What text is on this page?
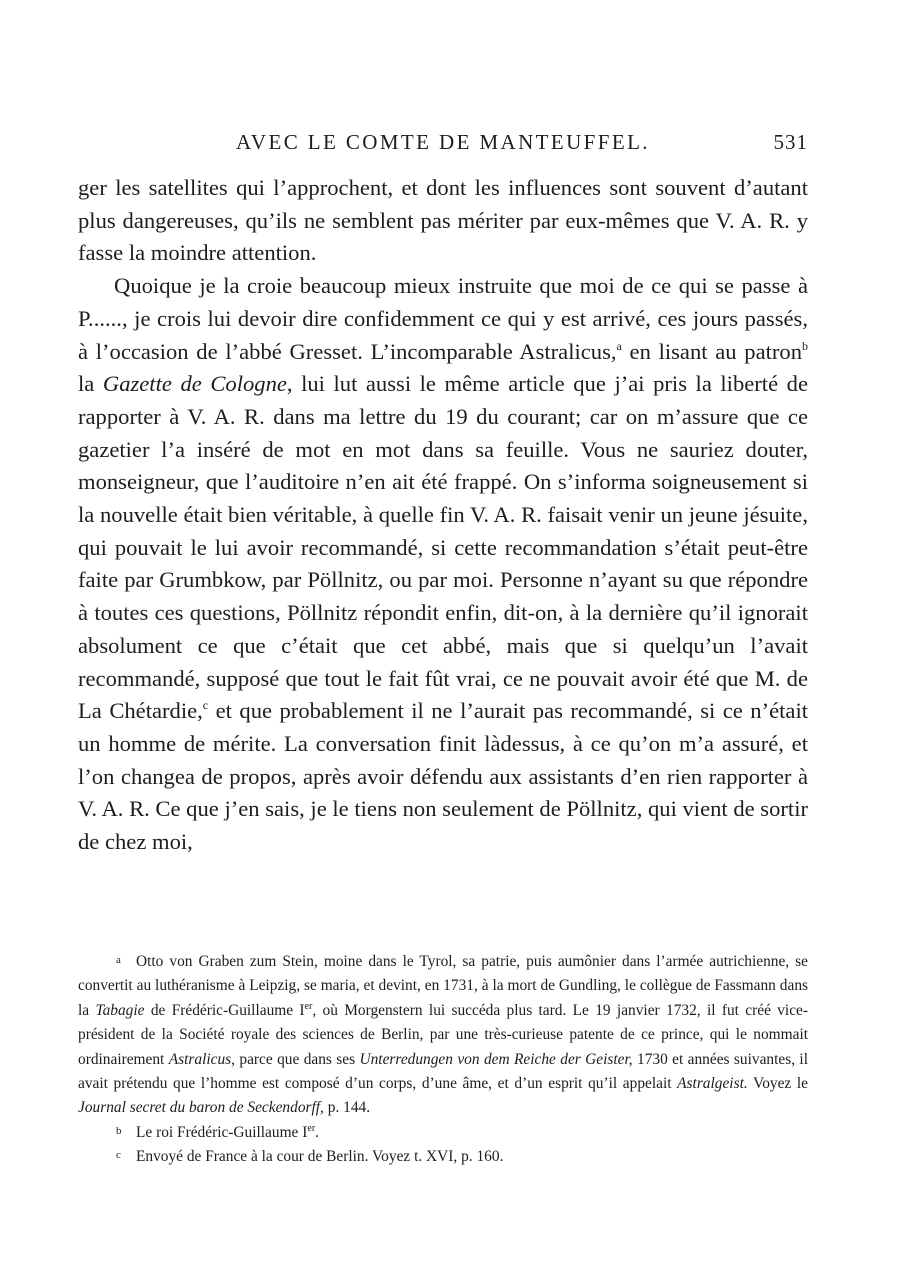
AVEC LE COMTE DE MANTEUFFEL.	531

ger les satellites qui l’approchent, et dont les influences sont souvent d’autant plus dangereuses, qu’ils ne semblent pas mériter par eux-mêmes que V. A. R. y fasse la moindre attention.

Quoique je la croie beaucoup mieux instruite que moi de ce qui se passe à P......, je crois lui devoir dire confidemment ce qui y est arrivé, ces jours passés, à l’occasion de l’abbé Gresset. L’incomparable Astralicus,$^a$ en lisant au patron$^b$ la Gazette de Cologne, lui lut aussi le même article que j’ai pris la liberté de rapporter à V. A. R. dans ma lettre du 19 du courant; car on m’assure que ce gazetier l’a inséré de mot en mot dans sa feuille. Vous ne sauriez douter, monseigneur, que l’auditoire n’en ait été frappé. On s’informa soigneusement si la nouvelle était bien véritable, à quelle fin V. A. R. faisait venir un jeune jésuite, qui pouvait le lui avoir recommandé, si cette recommandation s’était peut-être faite par Grumbkow, par Pöllnitz, ou par moi. Personne n’ayant su que répondre à toutes ces questions, Pöllnitz répondit enfin, dit-on, à la dernière qu’il ignorait absolument ce que c’était que cet abbé, mais que si quelqu’un l’avait recommandé, supposé que tout le fait fût vrai, ce ne pouvait avoir été que M. de La Chétardie,$^c$ et que probablement il ne l’aurait pas recommandé, si ce n’était un homme de mérite. La conversation finit làdessus, à ce qu’on m’a assuré, et l’on changea de propos, après avoir défendu aux assistants d’en rien rapporter à V. A. R. Ce que j’en sais, je le tiens non seulement de Pöllnitz, qui vient de sortir de chez moi,

a Otto von Graben zum Stein, moine dans le Tyrol, sa patrie, puis aumônier dans l’armée autrichienne, se convertit au luthéranisme à Leipzig, se maria, et devint, en 1731, à la mort de Gundling, le collègue de Fassmann dans la Tabagie de Frédéric-Guillaume Ier, où Morgenstern lui succéda plus tard. Le 19 janvier 1732, il fut créé vice-président de la Société royale des sciences de Berlin, par une très-curieuse patente de ce prince, qui le nommait ordinairement Astralicus, parce que dans ses Unterredungen von dem Reiche der Geister, 1730 et années suivantes, il avait prétendu que l’homme est composé d’un corps, d’une âme, et d’un esprit qu’il appelait Astralgeist. Voyez le Journal secret du baron de Seckendorff, p. 144.

b Le roi Frédéric-Guillaume Ier.

c Envoyé de France à la cour de Berlin. Voyez t. XVI, p. 160.
